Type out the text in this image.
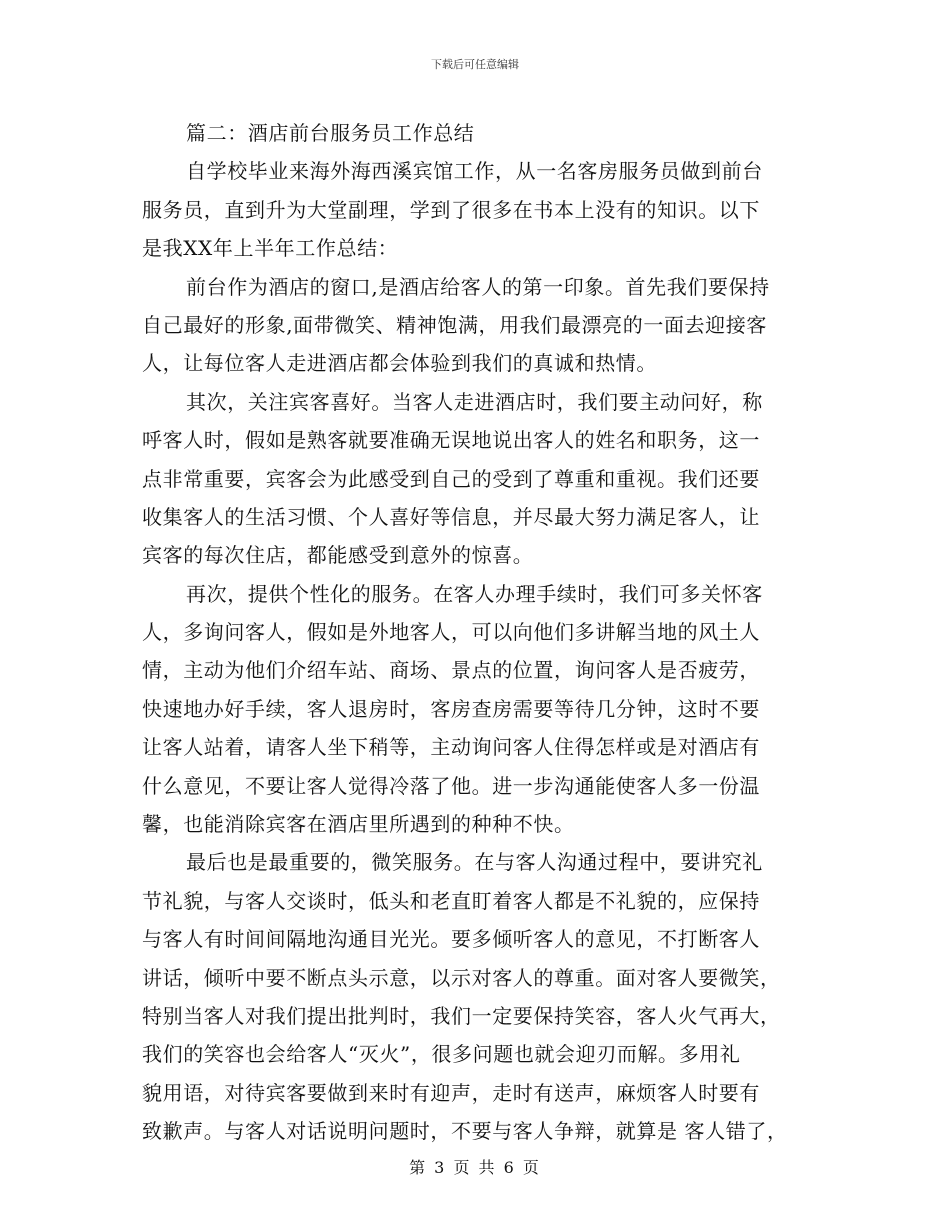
下载后可任意编辑
篇二：酒店前台服务员工作总结
自学校毕业来海外海西溪宾馆工作，从一名客房服务员做到前台
服务员，直到升为大堂副理，学到了很多在书本上没有的知识。以下
是我XX年上半年工作总结：
前台作为酒店的窗口,是酒店给客人的第一印象。首先我们要保持
自己最好的形象,面带微笑、精神饱满，用我们最漂亮的一面去迎接客
人，让每位客人走进酒店都会体验到我们的真诚和热情。
其次，关注宾客喜好。当客人走进酒店时，我们要主动问好，称
呼客人时，假如是熟客就要准确无误地说出客人的姓名和职务，这一
点非常重要，宾客会为此感受到自己的受到了尊重和重视。我们还要
收集客人的生活习惯、个人喜好等信息，并尽最大努力满足客人，让
宾客的每次住店，都能感受到意外的惊喜。
再次，提供个性化的服务。在客人办理手续时，我们可多关怀客
人，多询问客人，假如是外地客人，可以向他们多讲解当地的风土人
情，主动为他们介绍车站、商场、景点的位置，询问客人是否疲劳，
快速地办好手续，客人退房时，客房查房需要等待几分钟，这时不要
让客人站着，请客人坐下稍等，主动询问客人住得怎样或是对酒店有
什么意见，不要让客人觉得冷落了他。进一步沟通能使客人多一份温
馨，也能消除宾客在酒店里所遇到的种种不快。
最后也是最重要的，微笑服务。在与客人沟通过程中，要讲究礼
节礼貌，与客人交谈时，低头和老直盯着客人都是不礼貌的，应保持
与客人有时间间隔地沟通目光光。要多倾听客人的意见，不打断客人
讲话，倾听中要不断点头示意，以示对客人的尊重。面对客人要微笑，
特别当客人对我们提出批判时，我们一定要保持笑容，客人火气再大，
我们的笑容也会给客人“灭火”，很多问题也就会迎刃而解。多用礼
貌用语，对待宾客要做到来时有迎声，走时有送声，麻烦客人时要有
致歉声。与客人对话说明问题时，不要与客人争辩，就算是 客人错了，
第 3 页 共 6 页
